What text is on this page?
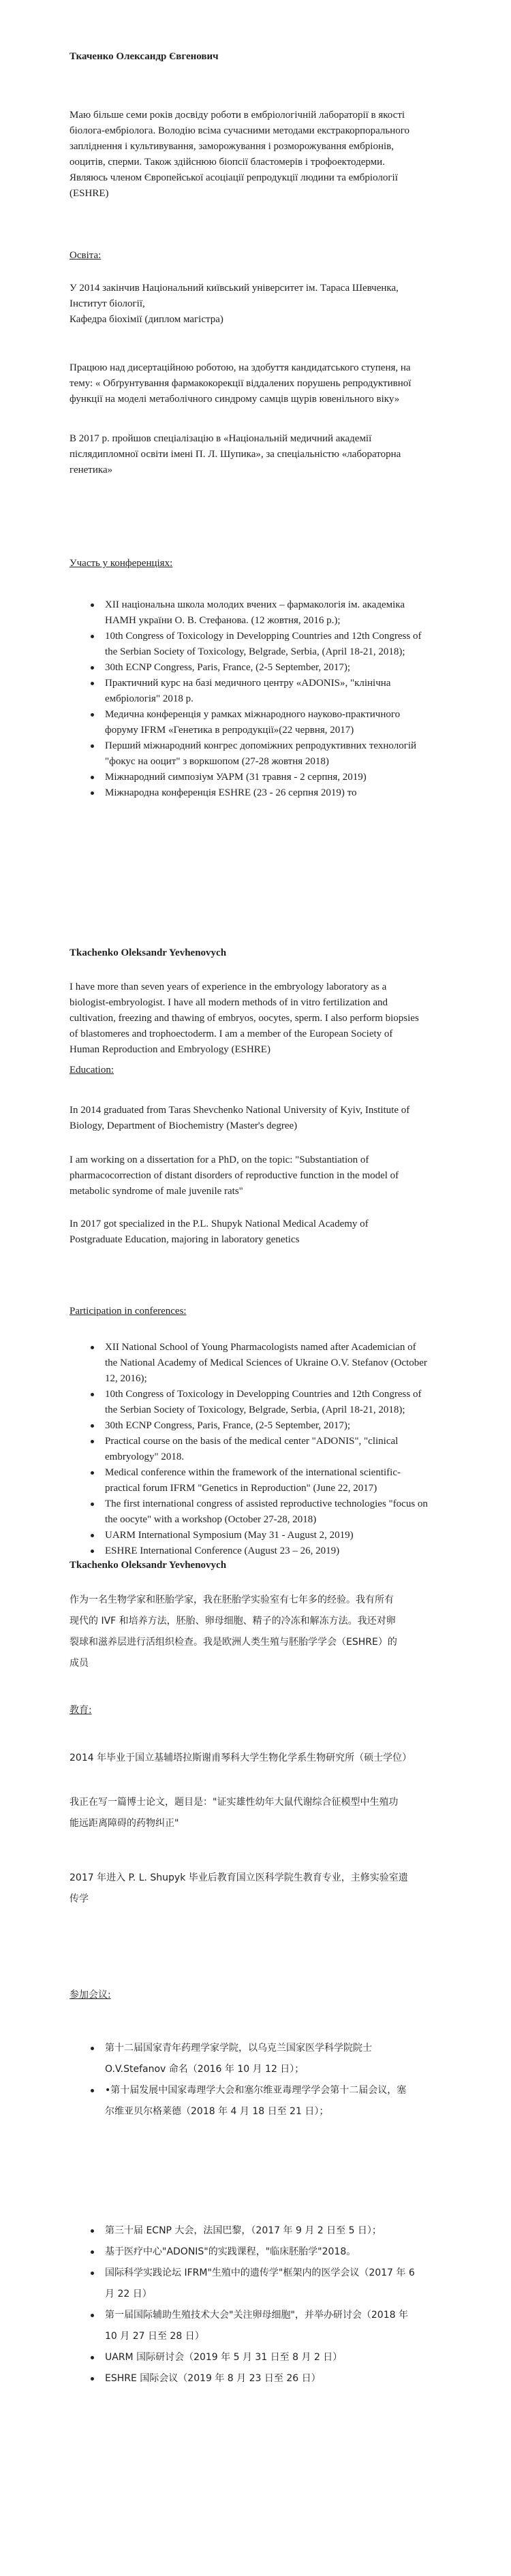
Ткаченко Олександр Євгенович
Маю більше семи років досвіду роботи в ембріологічній лабораторії в якості
біолога-ембріолога. Володію всіма сучасними методами екстракорпорального
запліднення і культивування, заморожування і розморожування ембріонів,
ооцитів, сперми. Також здійснюю біопсії бластомерів і трофоектодерми.
Являюсь членом Європейської асоціації репродукції людини та ембріології
(ESHRE)
Освіта:
У 2014 закінчив Національний київський університет ім. Тараса Шевченка,
Інститут біології,
Кафедра біохімії (диплом магістра)
Працюю над дисертаційною роботою, на здобуття кандидатського ступеня, на
тему: « Обґрунтування фармакокорекції віддалених порушень репродуктивної
функції на моделі метаболічного синдрому самців щурів ювенільного віку»
В 2017 р. пройшов спеціалізацію в «Національній медичний академії
післядипломної освіти імені П. Л. Шупика», за спеціальністю «лабораторна
генетика»
Участь у конференціях:
XII національна школа молодих вчених – фармакологія ім. академіка
НАМН україни О. В. Стефанова. (12 жовтня, 2016 р.);
10th Congress of Toxicology in Developping Countries and 12th Congress of
the Serbian Society of Toxicology, Belgrade, Serbia, (April 18-21, 2018);
30th ECNP Congress, Paris, France, (2-5 September, 2017);
Практичний курс на базі медичного центру «ADONIS», "клінічна
ембріологія" 2018 р.
Медична конференція у рамках міжнародного науково-практичного
форуму IFRM «Генетика в репродукції»(22 червня, 2017)
Перший міжнародний конгрес допоміжних репродуктивних технологій
"фокус на ооцит" з воркшопом (27-28 жовтня 2018)
Міжнародний симпозіум УАРМ (31 травня - 2 серпня, 2019)
Міжнародна конференція ESHRE (23 - 26 серпня 2019) то
Tkachenko Oleksandr Yevhenovych
I have more than seven years of experience in the embryology laboratory as a
biologist-embryologist. I have all modern methods of in vitro fertilization and
cultivation, freezing and thawing of embryos, oocytes, sperm. I also perform biopsies
of blastomeres and trophoectoderm. I am a member of the European Society of
Human Reproduction and Embryology (ESHRE)
Education:
In 2014 graduated from Taras Shevchenko National University of Kyiv, Institute of
Biology, Department of Biochemistry (Master's degree)
I am working on a dissertation for a PhD, on the topic: "Substantiation of
pharmacocorrection of distant disorders of reproductive function in the model of
metabolic syndrome of male juvenile rats"
In 2017 got specialized in the P.L. Shupyk National Medical Academy of
Postgraduate Education, majoring in laboratory genetics
Participation in conferences:
XII National School of Young Pharmacologists named after Academician of
the National Academy of Medical Sciences of Ukraine O.V. Stefanov (October
12, 2016);
10th Congress of Toxicology in Developping Countries and 12th Congress of
the Serbian Society of Toxicology, Belgrade, Serbia, (April 18-21, 2018);
30th ECNP Congress, Paris, France, (2-5 September, 2017);
Practical course on the basis of the medical center "ADONIS", "clinical
embryology" 2018.
Medical conference within the framework of the international scientific-
practical forum IFRM "Genetics in Reproduction" (June 22, 2017)
The first international congress of assisted reproductive technologies "focus on
the oocyte" with a workshop (October 27-28, 2018)
UARM International Symposium (May 31 - August 2, 2019)
ESHRE International Conference (August 23 – 26, 2019)
Tkachenko Oleksandr Yevhenovych
作为一名生物学家和胚胎学家，我在胚胎学实验室有七年多的经验。我有所有
现代的 IVF 和培养方法，胚胎、卵母细胞、精子的冷冻和解冻方法。我还对卵
裂球和滋养层进行活组织检查。我是欧洲人类生殖与胚胎学学会（ESHRE）的
成员
教育:
2014 年毕业于国立基辅塔拉斯谢甫琴科大学生物化学系生物研究所（硕士学位）
我正在写一篇博士论文，题目是："证实雄性幼年大鼠代谢综合征模型中生殖功
能远距离障碍的药物纠正"
2017 年进入 P. L. Shupyk 毕业后教育国立医科学院生教育专业，主修实验室遗
传学
参加会议:
第十二届国家青年药理学家学院，以乌克兰国家医学科学院院士
O.V.Stefanov 命名（2016 年 10 月 12 日）；
•第十届发展中国家毒理学大会和塞尔维亚毒理学学会第十二届会议，塞
尔维亚贝尔格莱德（2018 年 4 月 18 日至 21 日）；
第三十届 ECNP 大会，法国巴黎，（2017 年 9 月 2 日至 5 日）；
基于医疗中心"ADONIS"的实践课程，"临床胚胎学"2018。
国际科学实践论坛 IFRM"生殖中的遗传学"框架内的医学会议（2017 年 6
月 22 日）
第一届国际辅助生殖技术大会"关注卵母细胞"，并举办研讨会（2018 年
10 月 27 日至 28 日）
UARM 国际研讨会（2019 年 5 月 31 日至 8 月 2 日）
ESHRE 国际会议（2019 年 8 月 23 日至 26 日）
